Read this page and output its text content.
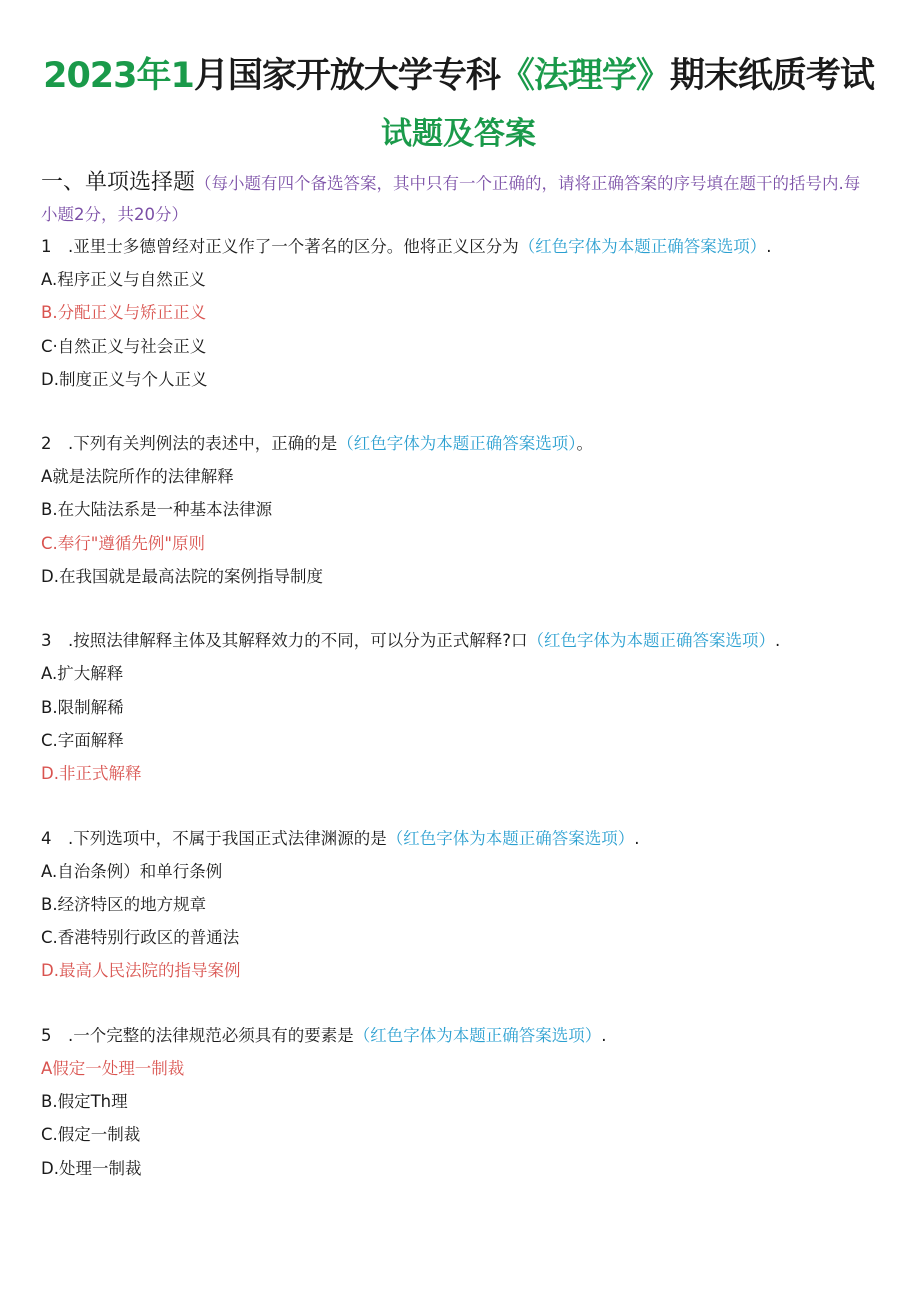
2023年1月国家开放大学专科《法理学》期末纸质考试
试题及答案
一、单项选择题（每小题有四个备选答案，其中只有一个正确的，请将正确答案的序号填在题干的括号内.每小题2分，共20分）
1　.亚里士多德曾经对正义作了一个著名的区分。他将正义区分为（红色字体为本题正确答案选项）.
A.程序正义与自然正义
B.分配正义与矫正正义
C·自然正义与社会正义
D.制度正义与个人正义
2　.下列有关判例法的表述中，正确的是（红色字体为本题正确答案选项）。
A就是法院所作的法律解释
B.在大陆法系是一种基本法律源
C.奉行"遵循先例"原则
D.在我国就是最高法院的案例指导制度
3　.按照法律解释主体及其解释效力的不同，可以分为正式解释?口（红色字体为本题正确答案选项）.
A.扩大解释
B.限制解稀
C.字面解释
D.非正式解释
4　.下列选项中，不属于我国正式法律渊源的是（红色字体为本题正确答案选项）.
A.自治条例）和单行条例
B.经济特区的地方规章
C.香港特别行政区的普通法
D.最高人民法院的指导案例
5　.一个完整的法律规范必须具有的要素是（红色字体为本题正确答案选项）.
A假定一处理一制裁
B.假定Th理
C.假定一制裁
D.处理一制裁
